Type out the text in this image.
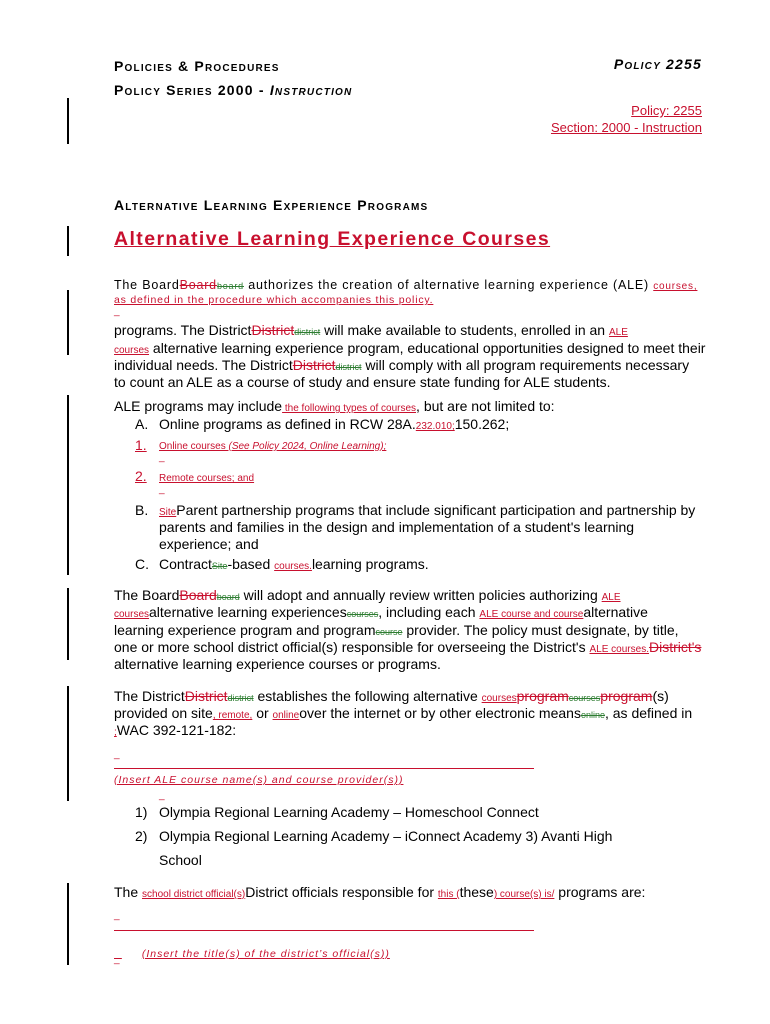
Policies & Procedures
Policy Series 2000 - Instruction
Policy 2255
Policy: 2255
Section: 2000 - Instruction
Alternative Learning Experience Programs
Alternative Learning Experience Courses
The BoardBoardboard authorizes the creation of alternative learning experience (ALE) courses,
as defined in the procedure which accompanies this policy.
_
programs. The DistrictDistrictdistrict will make available to students, enrolled in an ALE
courses alternative learning experience program, educational opportunities designed to meet their
individual needs. The DistrictDistrictdistrict will comply with all program requirements necessary
to count an ALE as a course of study and ensure state funding for ALE students.
ALE programs may include the following types of courses, but are not limited to:
A. Online programs as defined in RCW 28A.232.010;150.262;
1. Online courses (See Policy 2024, Online Learning);
_
2. Remote courses; and
_
B. SiteParent partnership programs that include significant participation and partnership by
parents and families in the design and implementation of a student's learning
experience; and
C. ContractSite-based courses.learning programs.
The BoardBoardboard will adopt and annually review written policies authorizing ALE
coursesalternative learning experiencescourses, including each ALE course and coursealternative
learning experience program and programcourse provider. The policy must designate, by title,
one or more school district official(s) responsible for overseeing the District's ALE courses.District's
alternative learning experience courses or programs.
The DistrictDistrictdistrict establishes the following alternative coursesprogramcoursesprogram(s)
provided on site, remote, or onlineover the internet or by other electronic meansonline, as defined in
;WAC 392-121-182:
_
(Insert ALE course name(s) and course provider(s))
_
1) Olympia Regional Learning Academy – Homeschool Connect
2) Olympia Regional Learning Academy – iConnect Academy 3) Avanti High
School
The school district official(s)District officials responsible for this (these) course(s) is/ programs are:
_

(Insert the title(s) of the district’s official(s))

_
